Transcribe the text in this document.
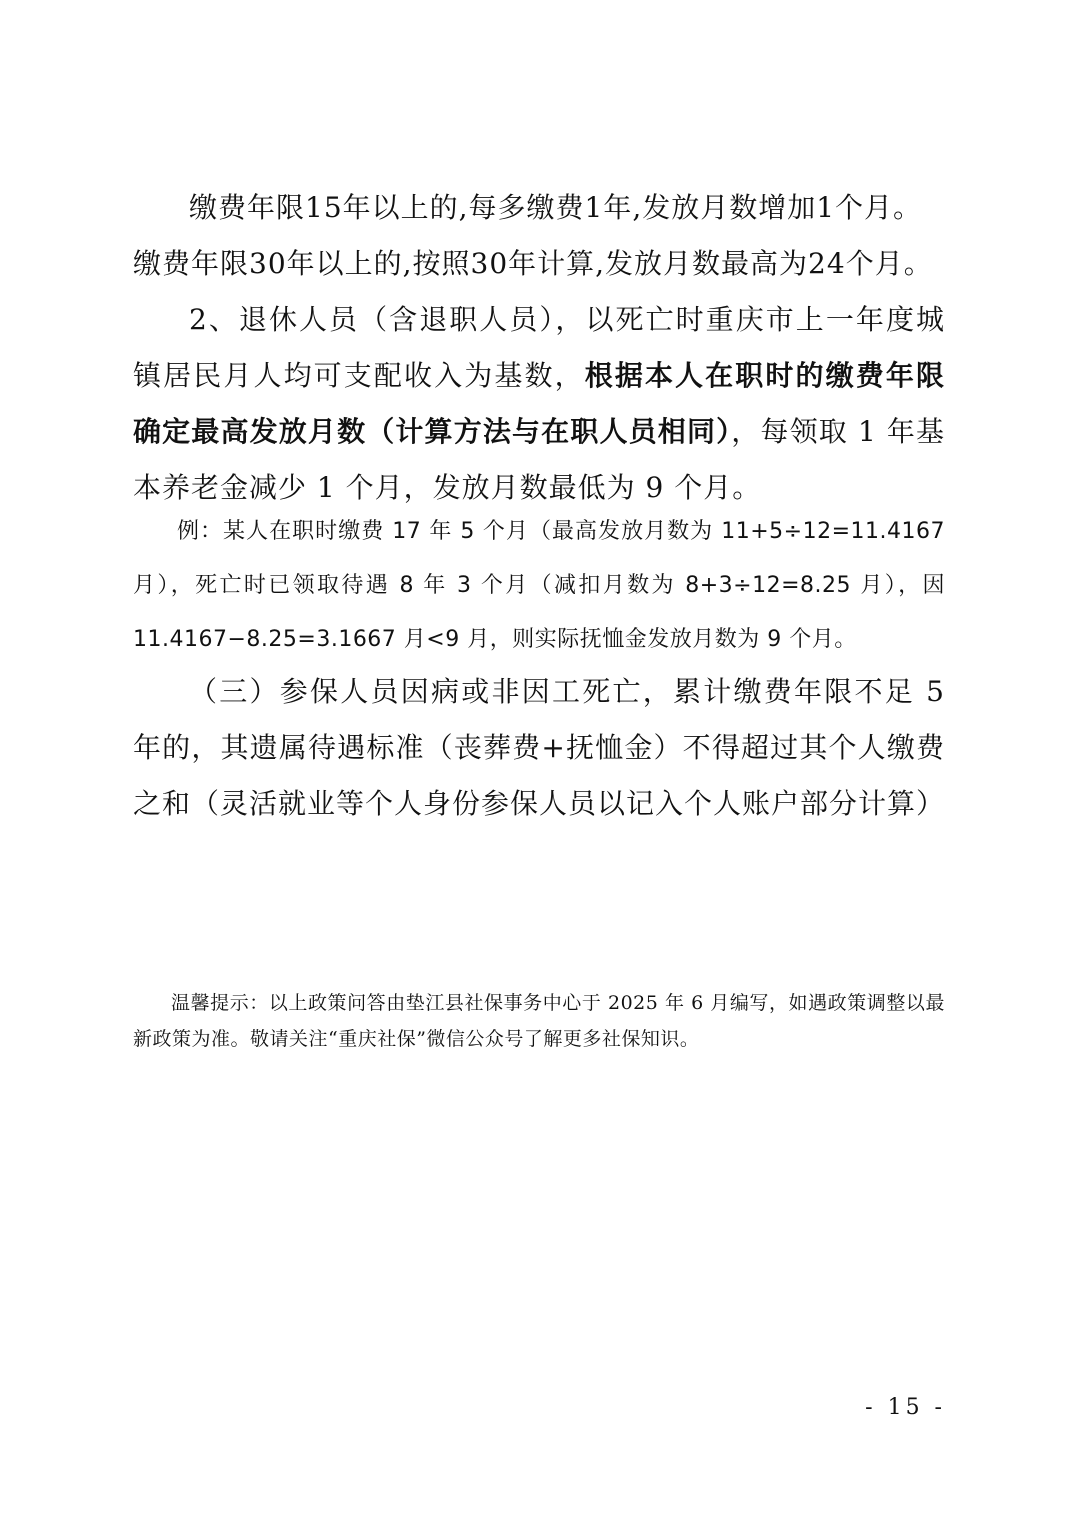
缴费年限15年以上的,每多缴费1年,发放月数增加1个月。
缴费年限30年以上的,按照30年计算,发放月数最高为24个月。
2、退休人员（含退职人员），以死亡时重庆市上一年度城镇居民月人均可支配收入为基数，根据本人在职时的缴费年限确定最高发放月数（计算方法与在职人员相同），每领取 1 年基本养老金减少 1 个月，发放月数最低为 9 个月。
例：某人在职时缴费 17 年 5 个月（最高发放月数为 11+5÷12=11.4167 月），死亡时已领取待遇 8 年 3 个月（减扣月数为 8+3÷12=8.25 月），因 11.4167−8.25=3.1667 月<9 月，则实际抚恤金发放月数为 9 个月。
（三）参保人员因病或非因工死亡，累计缴费年限不足 5 年的，其遗属待遇标准（丧葬费+抚恤金）不得超过其个人缴费之和（灵活就业等个人身份参保人员以记入个人账户部分计算）
温馨提示：以上政策问答由垫江县社保事务中心于 2025 年 6 月编写，如遇政策调整以最新政策为准。敬请关注“重庆社保”微信公众号了解更多社保知识。
- 15 -
